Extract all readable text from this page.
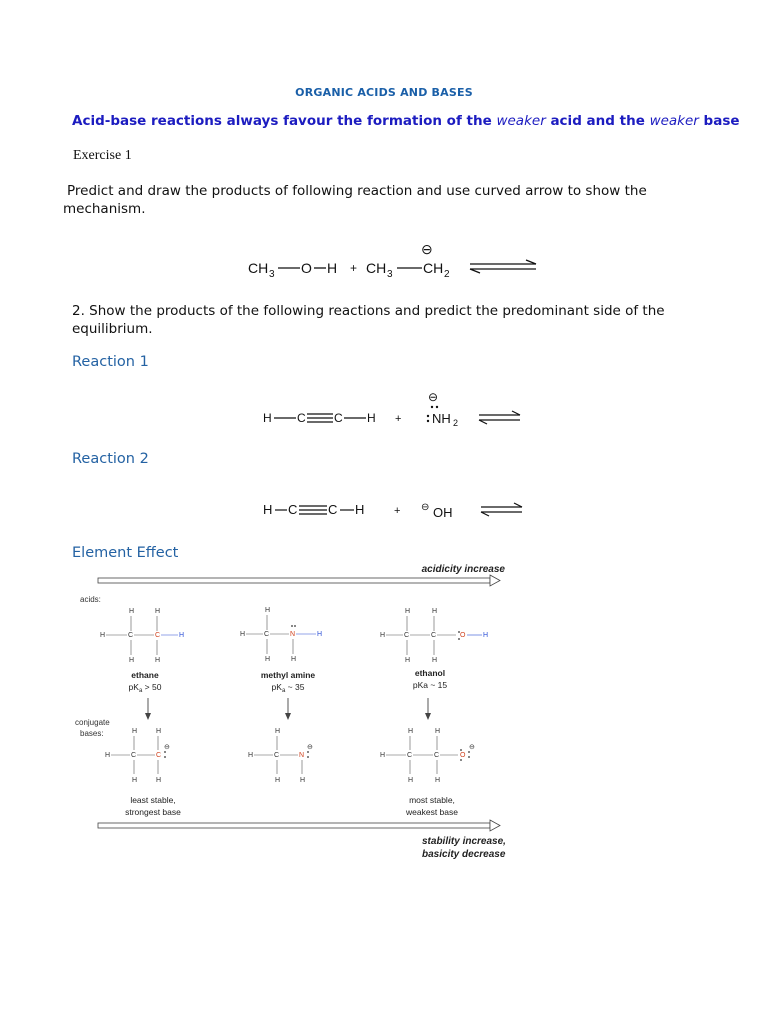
ORGANIC ACIDS AND BASES
Acid-base reactions always favour the formation of the weaker acid and the weaker base
Exercise 1
Predict and draw the products of following reaction and use curved arrow to show the mechanism.
CH 3 O H + CH 3 CH 2
⊖
2. Show the products of the following reactions and predict the predominant side of the equilibrium.
Reaction 1
H C C H +
⊖
NH 2
Reaction 2
H C C H	+ ⊖ OH
Element Effect
acidicity increase
acids:
H	H
H	C	C	H
H	H
H
H	C	N	H
H	H
H	H
H	C	C	O	H
H	H
ethane
$pK_a > 50$
methyl amine
$pK_a$ ~ 35
ethanol
pKa ~ 15
conjugate
bases:	H	H
H	C	C
⊖
H	H
H
H	C	N
⊖
H	H
H	H
H	C	C	O
⊖
H	H
least stable,
strongest base
most stable,
weakest base
stability increase,
basicity decrease
